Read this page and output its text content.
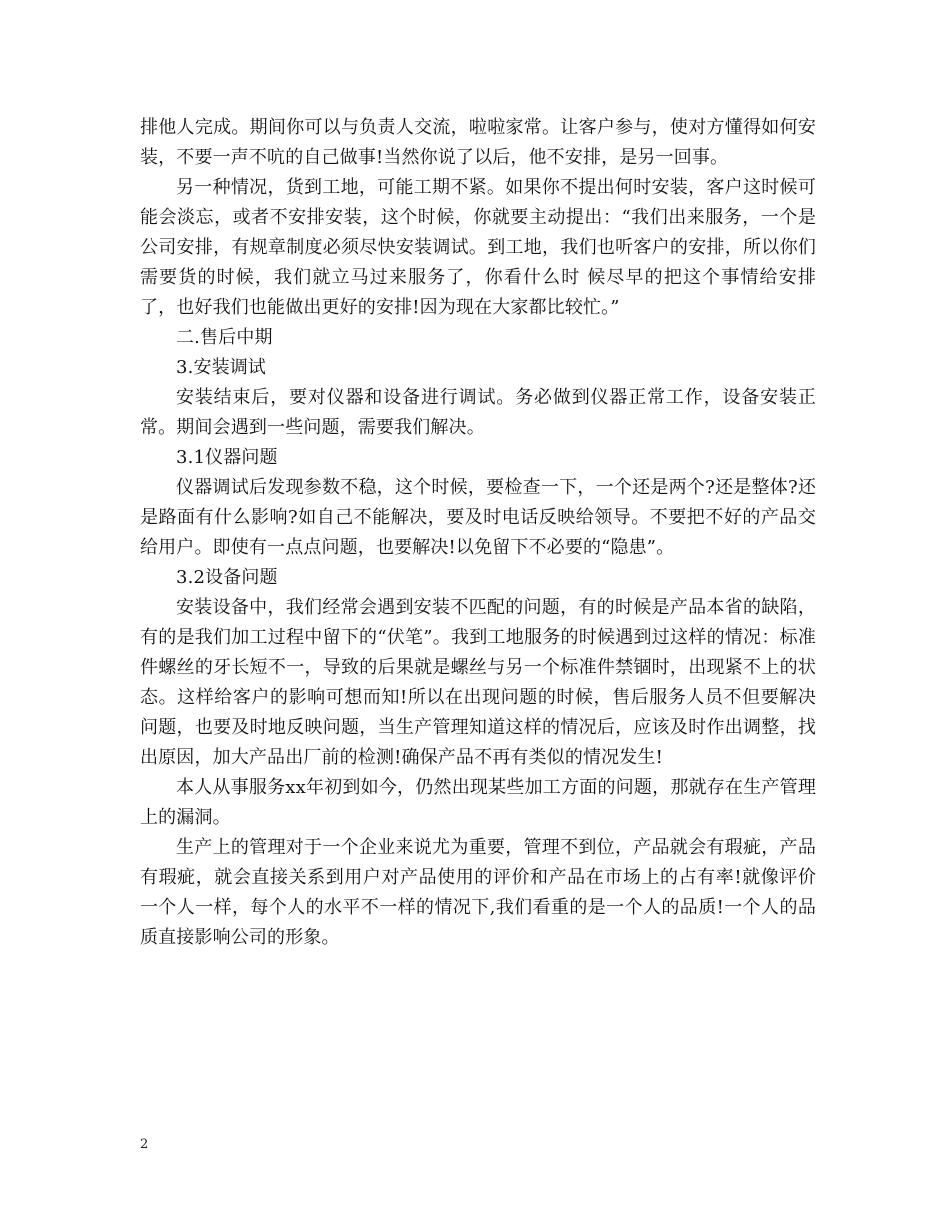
排他人完成。期间你可以与负责人交流，啦啦家常。让客户参与，使对方懂得如何安装，不要一声不吭的自己做事!当然你说了以后，他不安排，是另一回事。

另一种情况，货到工地，可能工期不紧。如果你不提出何时安装，客户这时候可能会淡忘，或者不安排安装，这个时候，你就要主动提出：“我们出来服务，一个是公司安排，有规章制度必须尽快安装调试。到工地，我们也听客户的安排，所以你们需要货的时候，我们就立马过来服务了，你看什么时 候尽早的把这个事情给安排了，也好我们也能做出更好的安排!因为现在大家都比较忙。”

二.售后中期

3.安装调试

安装结束后，要对仪器和设备进行调试。务必做到仪器正常工作，设备安装正常。期间会遇到一些问题，需要我们解决。

3.1仪器问题

仪器调试后发现参数不稳，这个时候，要检查一下，一个还是两个?还是整体?还是路面有什么影响?如自己不能解决，要及时电话反映给领导。不要把不好的产品交给用户。即使有一点点问题，也要解决!以免留下不必要的“隐患”。

3.2设备问题

安装设备中，我们经常会遇到安装不匹配的问题，有的时候是产品本省的缺陷，有的是我们加工过程中留下的“伏笔”。我到工地服务的时候遇到过这样的情况：标准件螺丝的牙长短不一，导致的后果就是螺丝与另一个标准件禁锢时，出现紧不上的状态。这样给客户的影响可想而知!所以在出现问题的时候，售后服务人员不但要解决问题，也要及时地反映问题，当生产管理知道这样的情况后，应该及时作出调整，找出原因，加大产品出厂前的检测!确保产品不再有类似的情况发生!

本人从事服务xx年初到如今，仍然出现某些加工方面的问题，那就存在生产管理上的漏洞。

生产上的管理对于一个企业来说尤为重要，管理不到位，产品就会有瑕疵，产品有瑕疵，就会直接关系到用户对产品使用的评价和产品在市场上的占有率!就像评价一个人一样，每个人的水平不一样的情况下,我们看重的是一个人的品质!一个人的品质直接影响公司的形象。

2
